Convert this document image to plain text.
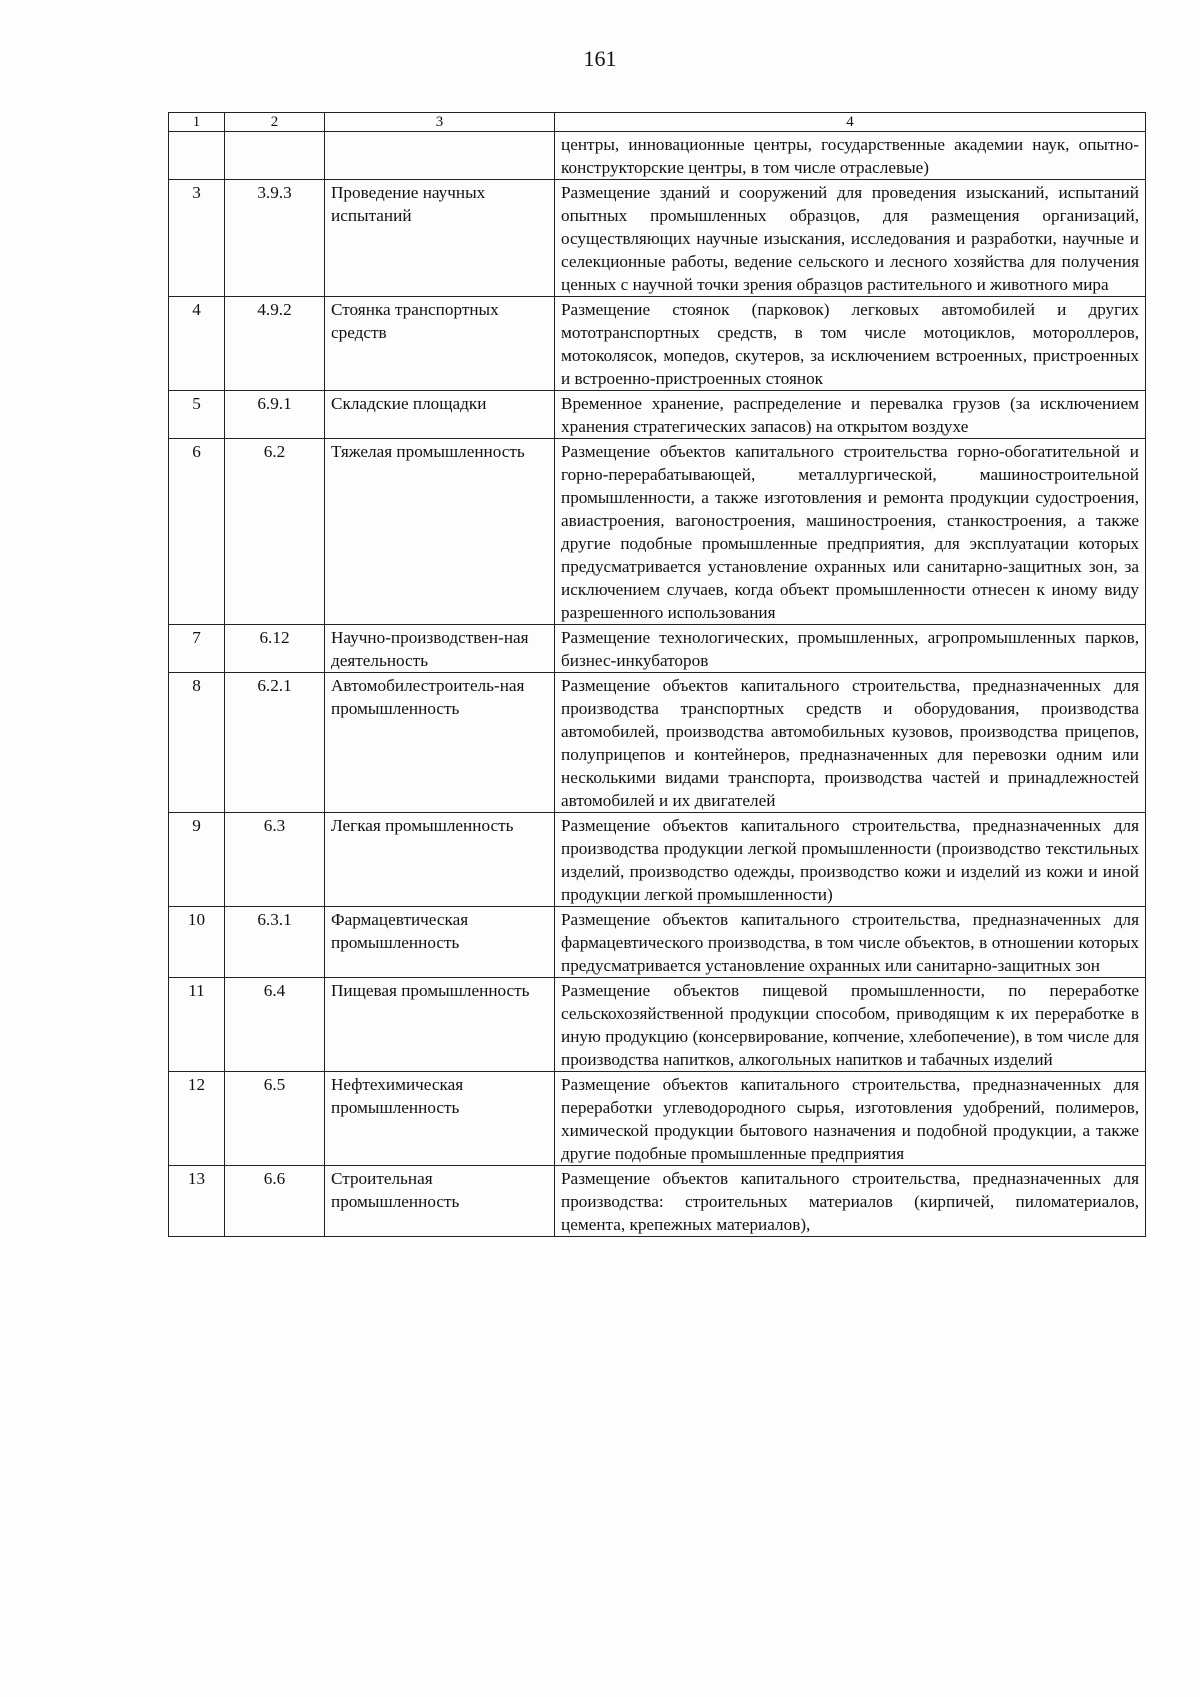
161
1	2	3	4
			центры, инновационные центры, государственные академии наук, опытно-конструкторские центры, в том числе отраслевые)
3	3.9.3	Проведение научных испытаний	Размещение зданий и сооружений для проведения изысканий, испытаний опытных промышленных образцов, для размещения организаций, осуществляющих научные изыскания, исследования и разработки, научные и селекционные работы, ведение сельского и лесного хозяйства для получения ценных с научной точки зрения образцов растительного и животного мира
4	4.9.2	Стоянка транспортных средств	Размещение стоянок (парковок) легковых автомобилей и других мототранспортных средств, в том числе мотоциклов, мотороллеров, мотоколясок, мопедов, скутеров, за исключением встроенных, пристроенных и встроенно-пристроенных стоянок
5	6.9.1	Складские площадки	Временное хранение, распределение и перевалка грузов (за исключением хранения стратегических запасов) на открытом воздухе
6	6.2	Тяжелая промышленность	Размещение объектов капитального строительства горно-обогатительной и горно-перерабатывающей, металлургической, машиностроительной промышленности, а также изготовления и ремонта продукции судостроения, авиастроения, вагоностроения, машиностроения, станкостроения, а также другие подобные промышленные предприятия, для эксплуатации которых предусматривается установление охранных или санитарно-защитных зон, за исключением случаев, когда объект промышленности отнесен к иному виду разрешенного использования
7	6.12	Научно-производствен-ная деятельность	Размещение технологических, промышленных, агропромышленных парков, бизнес-инкубаторов
8	6.2.1	Автомобилестроитель-ная промышленность	Размещение объектов капитального строительства, предназначенных для производства транспортных средств и оборудования, производства автомобилей, производства автомобильных кузовов, производства прицепов, полуприцепов и контейнеров, предназначенных для перевозки одним или несколькими видами транспорта, производства частей и принадлежностей автомобилей и их двигателей
9	6.3	Легкая промышленность	Размещение объектов капитального строительства, предназначенных для производства продукции легкой промышленности (производство текстильных изделий, производство одежды, производство кожи и изделий из кожи и иной продукции легкой промышленности)
10	6.3.1	Фармацевтическая промышленность	Размещение объектов капитального строительства, предназначенных для фармацевтического производства, в том числе объектов, в отношении которых предусматривается установление охранных или санитарно-защитных зон
11	6.4	Пищевая промышленность	Размещение объектов пищевой промышленности, по переработке сельскохозяйственной продукции способом, приводящим к их переработке в иную продукцию (консервирование, копчение, хлебопечение), в том числе для производства напитков, алкогольных напитков и табачных изделий
12	6.5	Нефтехимическая промышленность	Размещение объектов капитального строительства, предназначенных для переработки углеводородного сырья, изготовления удобрений, полимеров, химической продукции бытового назначения и подобной продукции, а также другие подобные промышленные предприятия
13	6.6	Строительная промышленность	Размещение объектов капитального строительства, предназначенных для производства: строительных материалов (кирпичей, пиломатериалов, цемента, крепежных материалов),
